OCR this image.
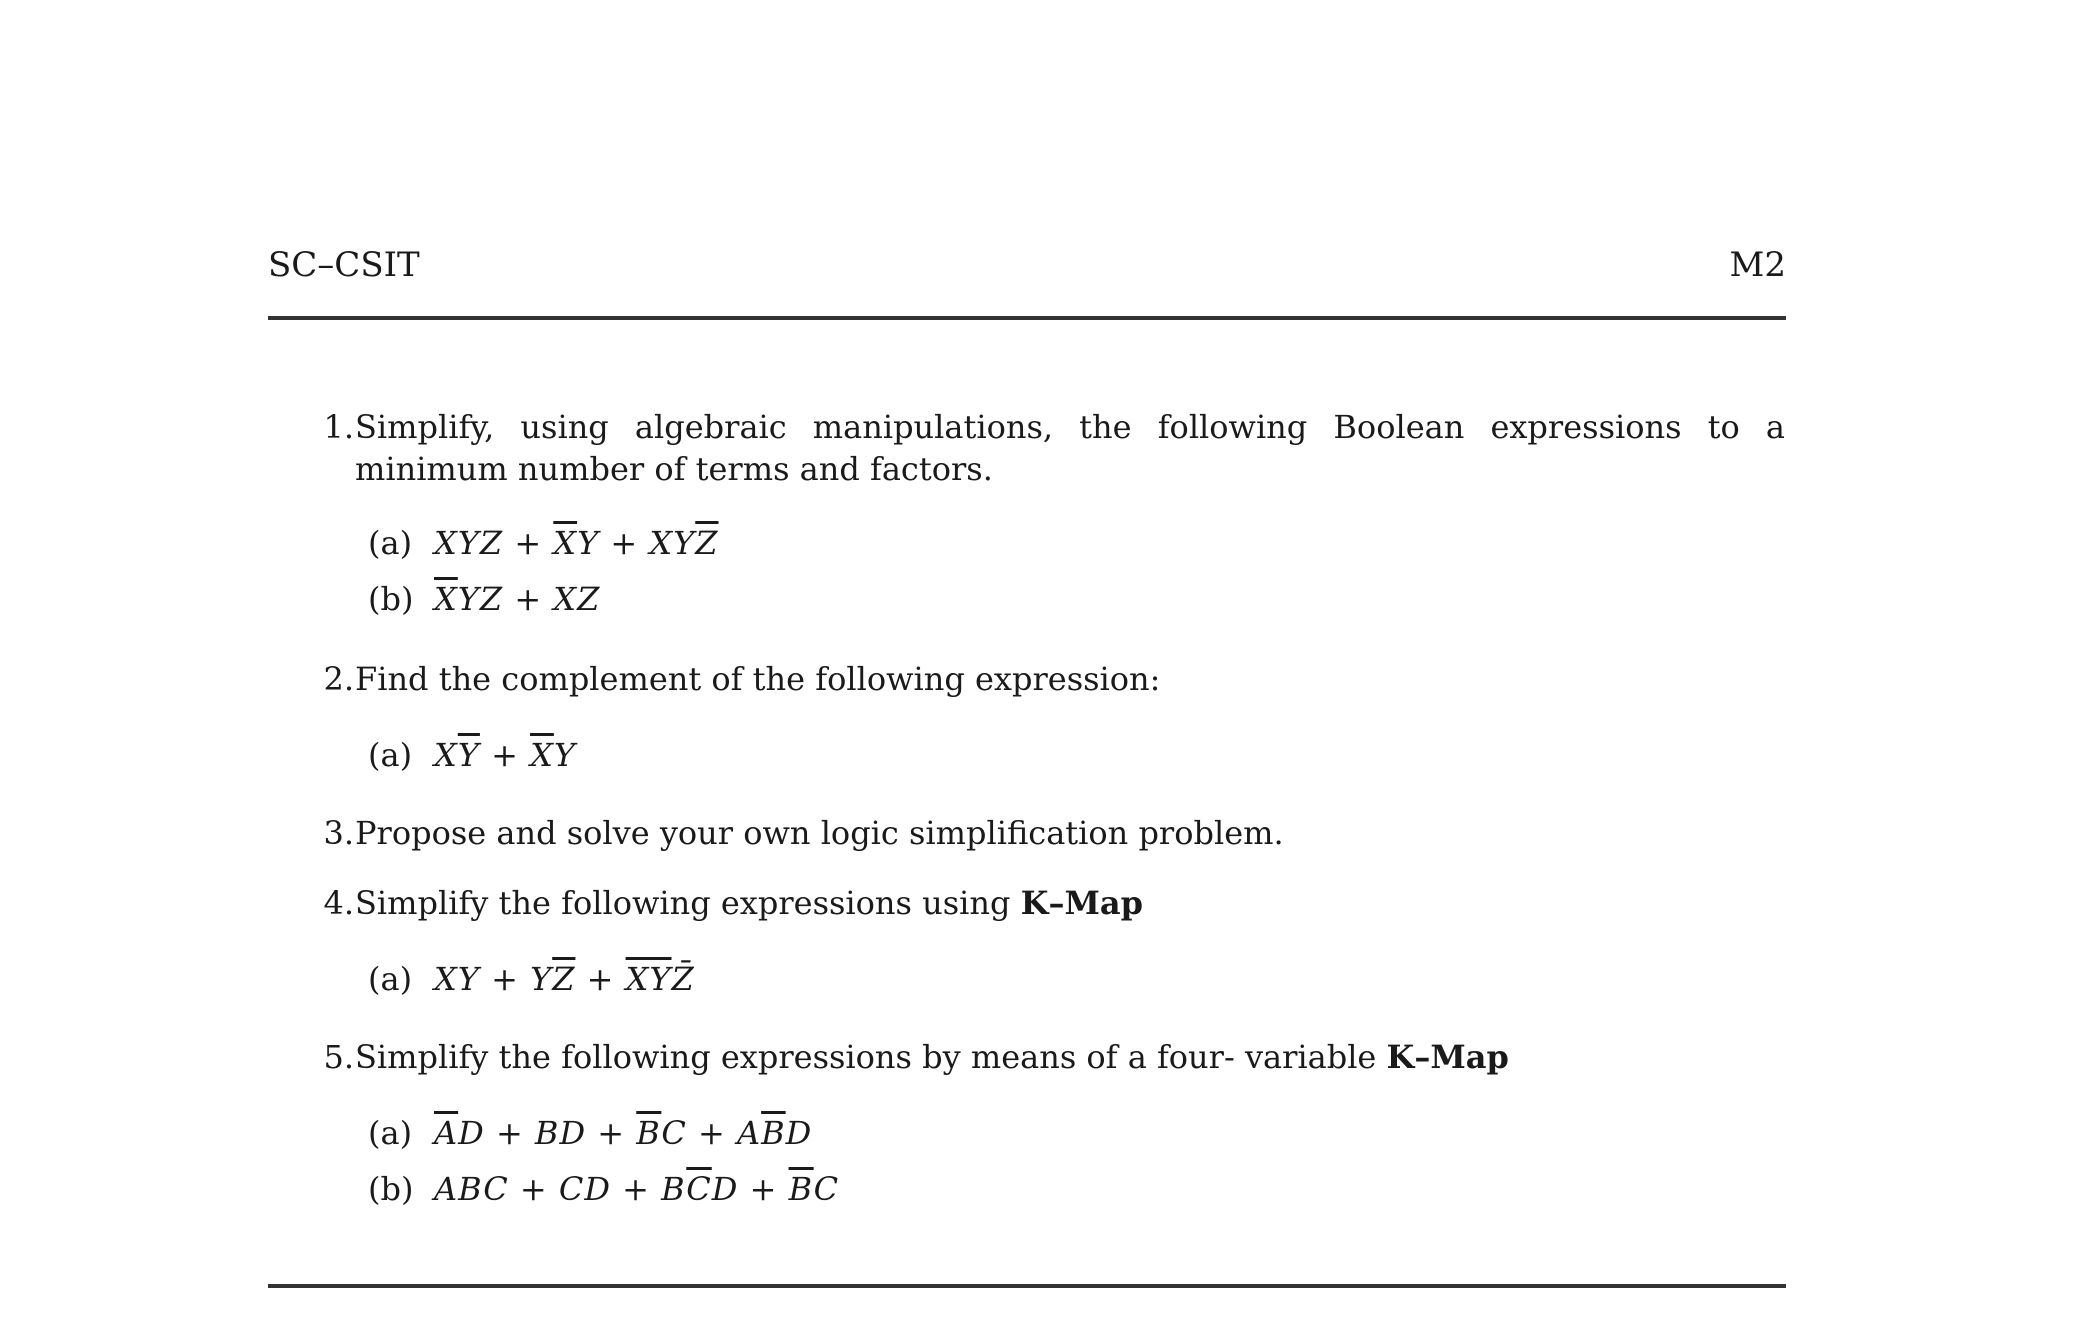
SC–CSIT	M2
1. Simplify, using algebraic manipulations, the following Boolean expressions to a minimum number of terms and factors.
(a) XYZ + $\overline{X}Y + XY\overline{Z}$
(b) $\overline{X}YZ$ + XZ
2. Find the complement of the following expression:
(a) $X\overline{Y} + \overline{X}Y$
3. Propose and solve your own logic simplification problem.
4. Simplify the following expressions using K–Map
(a) XY + $Y\overline{Z}$ + $\overline{XY}Z̄$
5. Simplify the following expressions by means of a four- variable K–Map
(a) $\overline{A}D$ + BD + $\overline{B}C + A\overline{B}D$
(b) ABC + CD + $B\overline{C}D + \overline{B}C$
